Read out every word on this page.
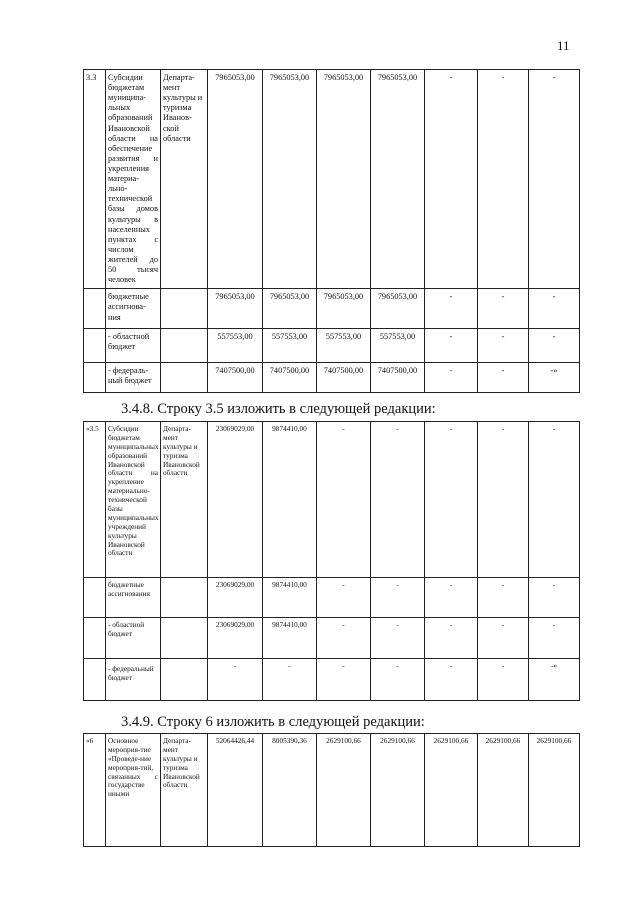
11
3.3	Субсидии бюджетам муниципа-льных образований Ивановской области на обеспечение развития и укрепления материа-льно-технической базы домов культуры в населенных пунктах с числом жителей до 50 тысяч человек	Департа-мент культуры и туризма Иванов-ской области	7965053,00	7965053,00	7965053,00	7965053,00	-	-	-
	бюджетные ассигнова-ния		7965053,00	7965053,00	7965053,00	7965053,00	-	-	-
	- областной бюджет		557553,00	557553,00	557553,00	557553,00	-	-	-
	- федераль-ный бюджет		7407500,00	7407500,00	7407500,00	7407500,00	-	-	-»
3.4.8. Строку 3.5 изложить в следующей редакции:
«3.5	Субсидии бюджетам муниципальных образований Ивановской области на укрепление материально-технической базы муниципальных учреждений культуры Ивановской области	Департа-мент культуры и туризма Ивановской области	23069029,00	9874410,00	-	-	-	-	-
	бюджетные ассигнования		23069029,00	9874410,00	-	-	-	-	-
	- областной бюджет		23069029,00	9874410,00	-	-	-	-	-
	- федеральный бюджет		-	-	-	-	-	-	-»
3.4.9. Строку 6 изложить в следующей редакции:
«6	Основное мероприя-тие «Проведе-ние мероприя-тий, связанных с государстве нными	Департа-мент культуры и туризма Ивановской области	52064426,44	8005390,36	2629100,66	2629100,66	2629100,66	2629100,66	2629100,66
